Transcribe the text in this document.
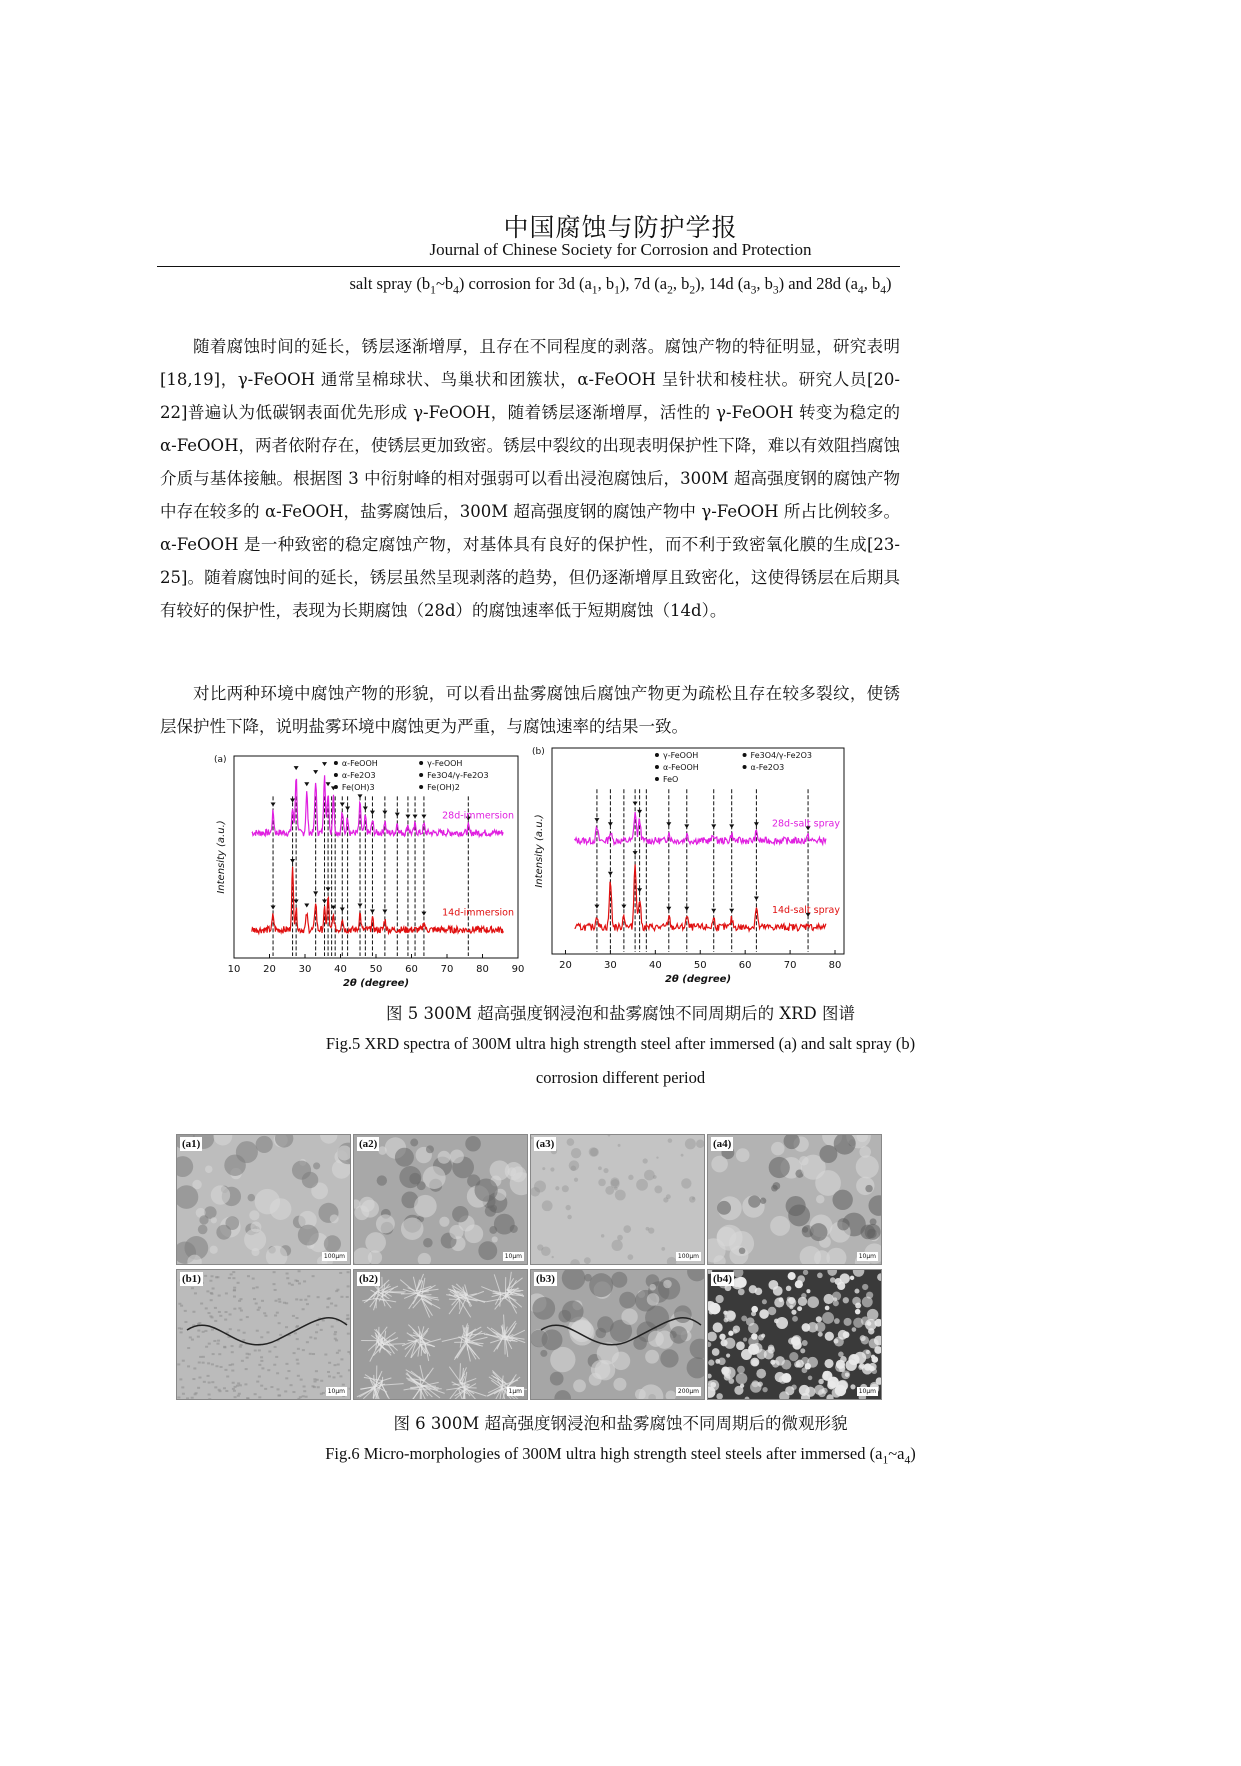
中国腐蚀与防护学报
Journal of Chinese Society for Corrosion and Protection
salt spray $(b_1\sim b_4)$ corrosion for 3d ($a_1$, $b_1$), 7d ($a_2$, $b_2$), 14d ($a_3$, $b_3$) and 28d ($a_4$, $b_4$)
随着腐蚀时间的延长，锈层逐渐增厚，且存在不同程度的剥落。腐蚀产物的特征明显，研究表明[18,19]，γ-FeOOH 通常呈棉球状、鸟巢状和团簇状，α-FeOOH 呈针状和棱柱状。研究人员[20-22]普遍认为低碳钢表面优先形成 γ-FeOOH，随着锈层逐渐增厚，活性的 γ-FeOOH 转变为稳定的 α-FeOOH，两者依附存在，使锈层更加致密。锈层中裂纹的出现表明保护性下降，难以有效阻挡腐蚀介质与基体接触。根据图 3 中衍射峰的相对强弱可以看出浸泡腐蚀后，300M 超高强度钢的腐蚀产物中存在较多的 α-FeOOH，盐雾腐蚀后，300M 超高强度钢的腐蚀产物中 γ-FeOOH 所占比例较多。α-FeOOH 是一种致密的稳定腐蚀产物，对基体具有良好的保护性，而不利于致密氧化膜的生成[23-25]。随着腐蚀时间的延长，锈层虽然呈现剥落的趋势，但仍逐渐增厚且致密化，这使得锈层在后期具有较好的保护性，表现为长期腐蚀（28d）的腐蚀速率低于短期腐蚀（14d）。
对比两种环境中腐蚀产物的形貌，可以看出盐雾腐蚀后腐蚀产物更为疏松且存在较多裂纹，使锈层保护性下降，说明盐雾环境中腐蚀更为严重，与腐蚀速率的结果一致。
28d-immersion
14d-immersion
10 20 30 40 50 60 70 80 90
2θ (degree)
Intensity (a.u.)
(a)	α-FeOOH	γ-FeOOH
α-Fe2O3	Fe3O4/γ-Fe2O3
Fe(OH)3	Fe(OH)2
28d-salt spray
14d-salt spray
20	30	40	50	60	70	80
2θ (degree)
Intensity (a.u.)
(b)	γ-FeOOH	Fe3O4/γ-Fe2O3
α-FeOOH	α-Fe2O3
FeO
图 5 300M 超高强度钢浸泡和盐雾腐蚀不同周期后的 XRD 图谱
Fig.5 XRD spectra of 300M ultra high strength steel after immersed (a) and salt spray (b)
corrosion different period
(a1)
100μm
(a2)
10μm
(a3)
100μm
(a4)
10μm
(b1)
10μm
(b2)
1μm
(b3)
200μm
(b4)
10μm
图 6 300M 超高强度钢浸泡和盐雾腐蚀不同周期后的微观形貌
Fig.6 Micro-morphologies of 300M ultra high strength steel steels after immersed $(a_1\sim a_4)$
